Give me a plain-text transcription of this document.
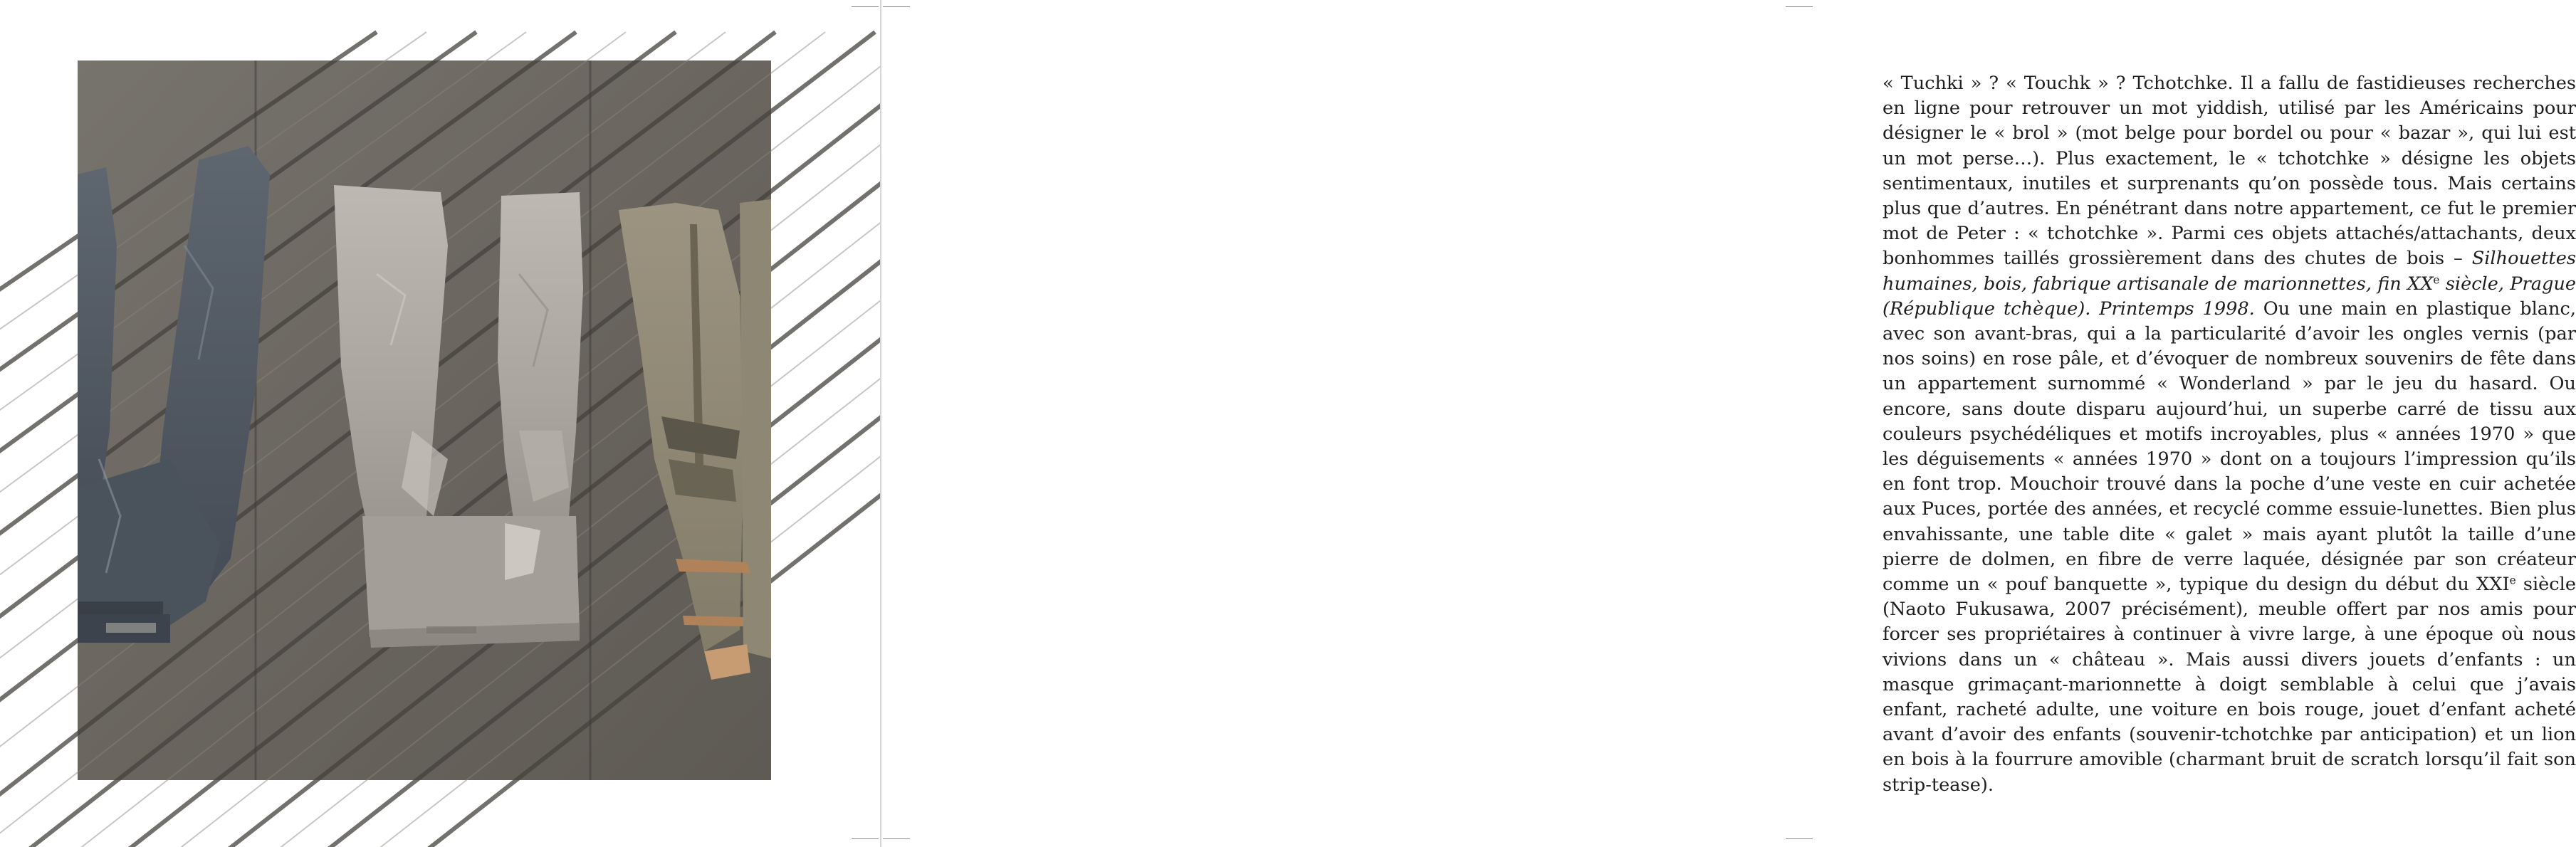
« Tuchki » ? « Touchk » ? Tchotchke. Il a fallu de fastidieuses recherches en ligne pour retrouver un mot yiddish, utilisé par les Américains pour désigner le « brol » (mot belge pour bordel ou pour « bazar », qui lui est un mot perse…). Plus exactement, le « tchotchke » désigne les objets sentimentaux, inutiles et surprenants qu’on possède tous. Mais certains plus que d’autres. En pénétrant dans notre appartement, ce fut le premier mot de Peter : « tchotchke ». Parmi ces objets attachés/attachants, deux bonhommes taillés grossièrement dans des chutes de bois – Silhouettes humaines, bois, fabrique artisanale de marionnettes, fin XXe siècle, Prague (République tchèque). Printemps 1998. Ou une main en plastique blanc, avec son avant-bras, qui a la particularité d’avoir les ongles vernis (par nos soins) en rose pâle, et d’évoquer de nombreux souvenirs de fête dans un appartement surnommé « Wonderland » par le jeu du hasard. Ou encore, sans doute disparu aujourd’hui, un superbe carré de tissu aux couleurs psychédéliques et motifs incroyables, plus « années 1970 » que les déguisements « années 1970 » dont on a toujours l’impression qu’ils en font trop. Mouchoir trouvé dans la poche d’une veste en cuir achetée aux Puces, portée des années, et recyclé comme essuie-lunettes. Bien plus envahissante, une table dite « galet » mais ayant plutôt la taille d’une pierre de dolmen, en fibre de verre laquée, désignée par son créateur comme un « pouf banquette », typique du design du début du XXIe siècle (Naoto Fukusawa, 2007 précisément), meuble offert par nos amis pour forcer ses propriétaires à continuer à vivre large, à une époque où nous vivions dans un « château ». Mais aussi divers jouets d’enfants : un masque grimaçant-marionnette à doigt semblable à celui que j’avais enfant, racheté adulte, une voiture en bois rouge, jouet d’enfant acheté avant d’avoir des enfants (souvenir-tchotchke par anticipation) et un lion en bois à la fourrure amovible (charmant bruit de scratch lorsqu’il fait son strip-tease).
